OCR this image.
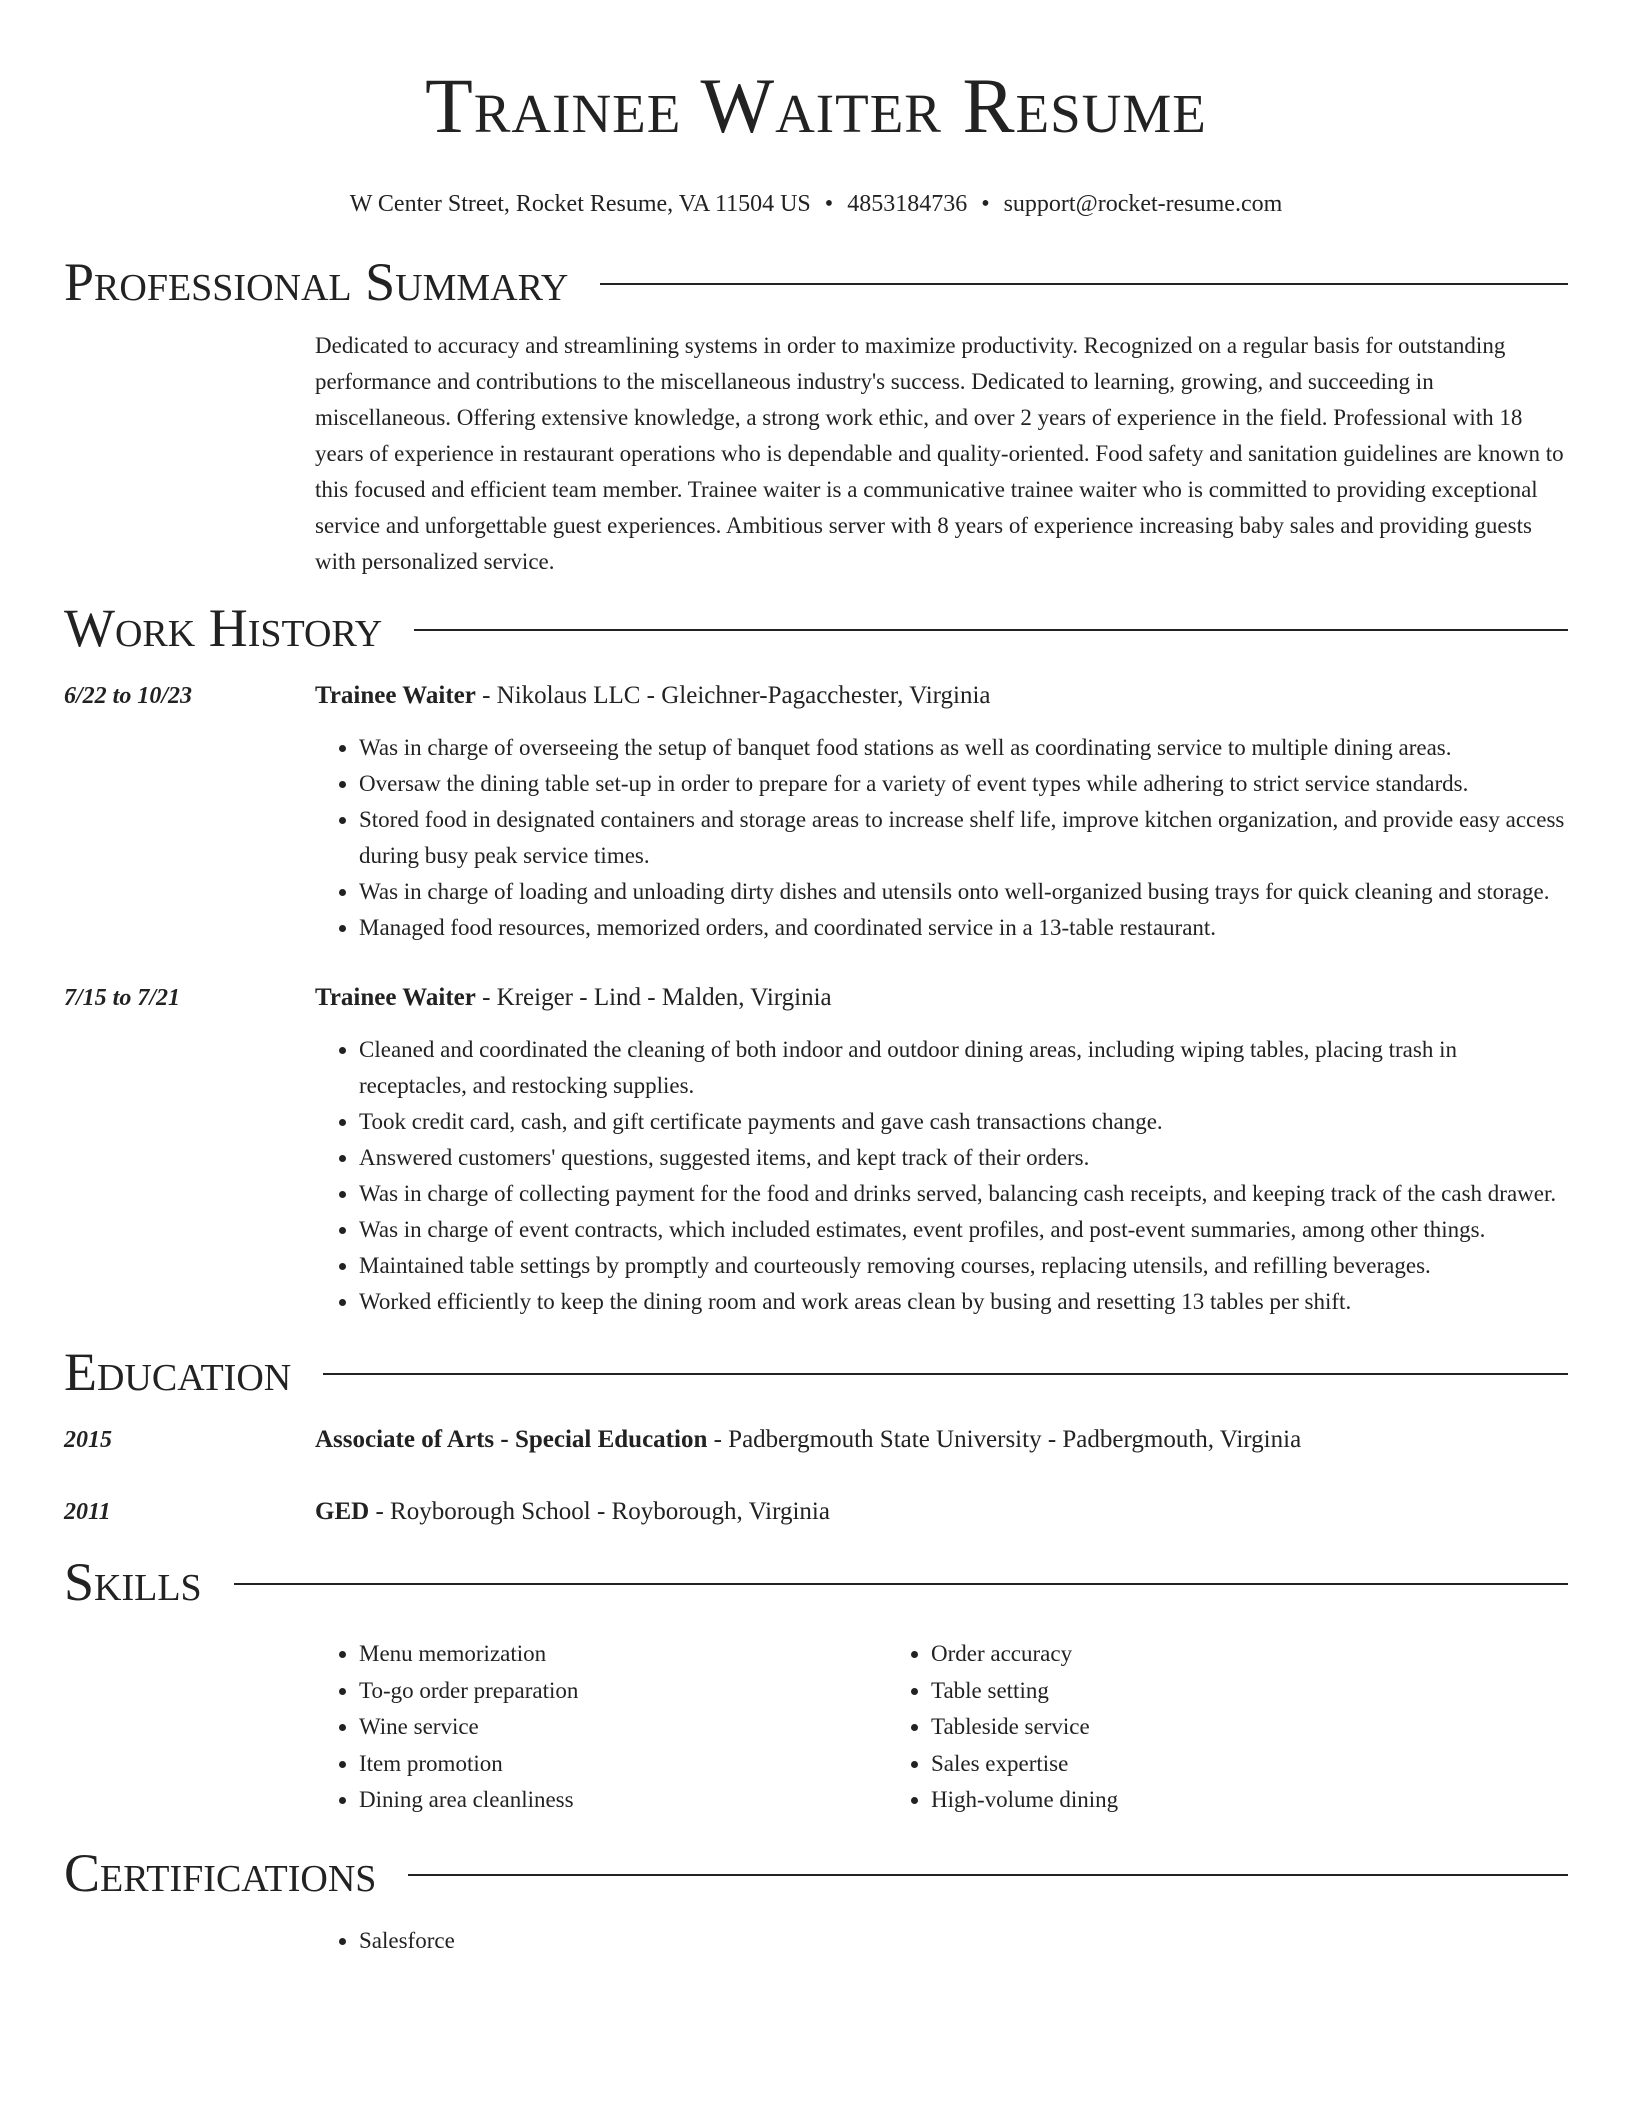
Trainee Waiter Resume
W Center Street, Rocket Resume, VA 11504 US • 4853184736 • support@rocket-resume.com
Professional Summary
Dedicated to accuracy and streamlining systems in order to maximize productivity. Recognized on a regular basis for outstanding performance and contributions to the miscellaneous industry's success. Dedicated to learning, growing, and succeeding in miscellaneous. Offering extensive knowledge, a strong work ethic, and over 2 years of experience in the field. Professional with 18 years of experience in restaurant operations who is dependable and quality-oriented. Food safety and sanitation guidelines are known to this focused and efficient team member. Trainee waiter is a communicative trainee waiter who is committed to providing exceptional service and unforgettable guest experiences. Ambitious server with 8 years of experience increasing baby sales and providing guests with personalized service.
Work History
6/22 to 10/23	Trainee Waiter - Nikolaus LLC - Gleichner-Pagacchester, Virginia
• Was in charge of overseeing the setup of banquet food stations as well as coordinating service to multiple dining areas.
• Oversaw the dining table set-up in order to prepare for a variety of event types while adhering to strict service standards.
• Stored food in designated containers and storage areas to increase shelf life, improve kitchen organization, and provide easy access during busy peak service times.
• Was in charge of loading and unloading dirty dishes and utensils onto well-organized busing trays for quick cleaning and storage.
• Managed food resources, memorized orders, and coordinated service in a 13-table restaurant.
7/15 to 7/21	Trainee Waiter - Kreiger - Lind - Malden, Virginia
• Cleaned and coordinated the cleaning of both indoor and outdoor dining areas, including wiping tables, placing trash in receptacles, and restocking supplies.
• Took credit card, cash, and gift certificate payments and gave cash transactions change.
• Answered customers' questions, suggested items, and kept track of their orders.
• Was in charge of collecting payment for the food and drinks served, balancing cash receipts, and keeping track of the cash drawer.
• Was in charge of event contracts, which included estimates, event profiles, and post-event summaries, among other things.
• Maintained table settings by promptly and courteously removing courses, replacing utensils, and refilling beverages.
• Worked efficiently to keep the dining room and work areas clean by busing and resetting 13 tables per shift.
Education
2015	Associate of Arts - Special Education - Padbergmouth State University - Padbergmouth, Virginia
2011	GED - Royborough School - Royborough, Virginia
Skills
• Menu memorization
• To-go order preparation
• Wine service
• Item promotion
• Dining area cleanliness
• Order accuracy
• Table setting
• Tableside service
• Sales expertise
• High-volume dining
Certifications
• Salesforce
